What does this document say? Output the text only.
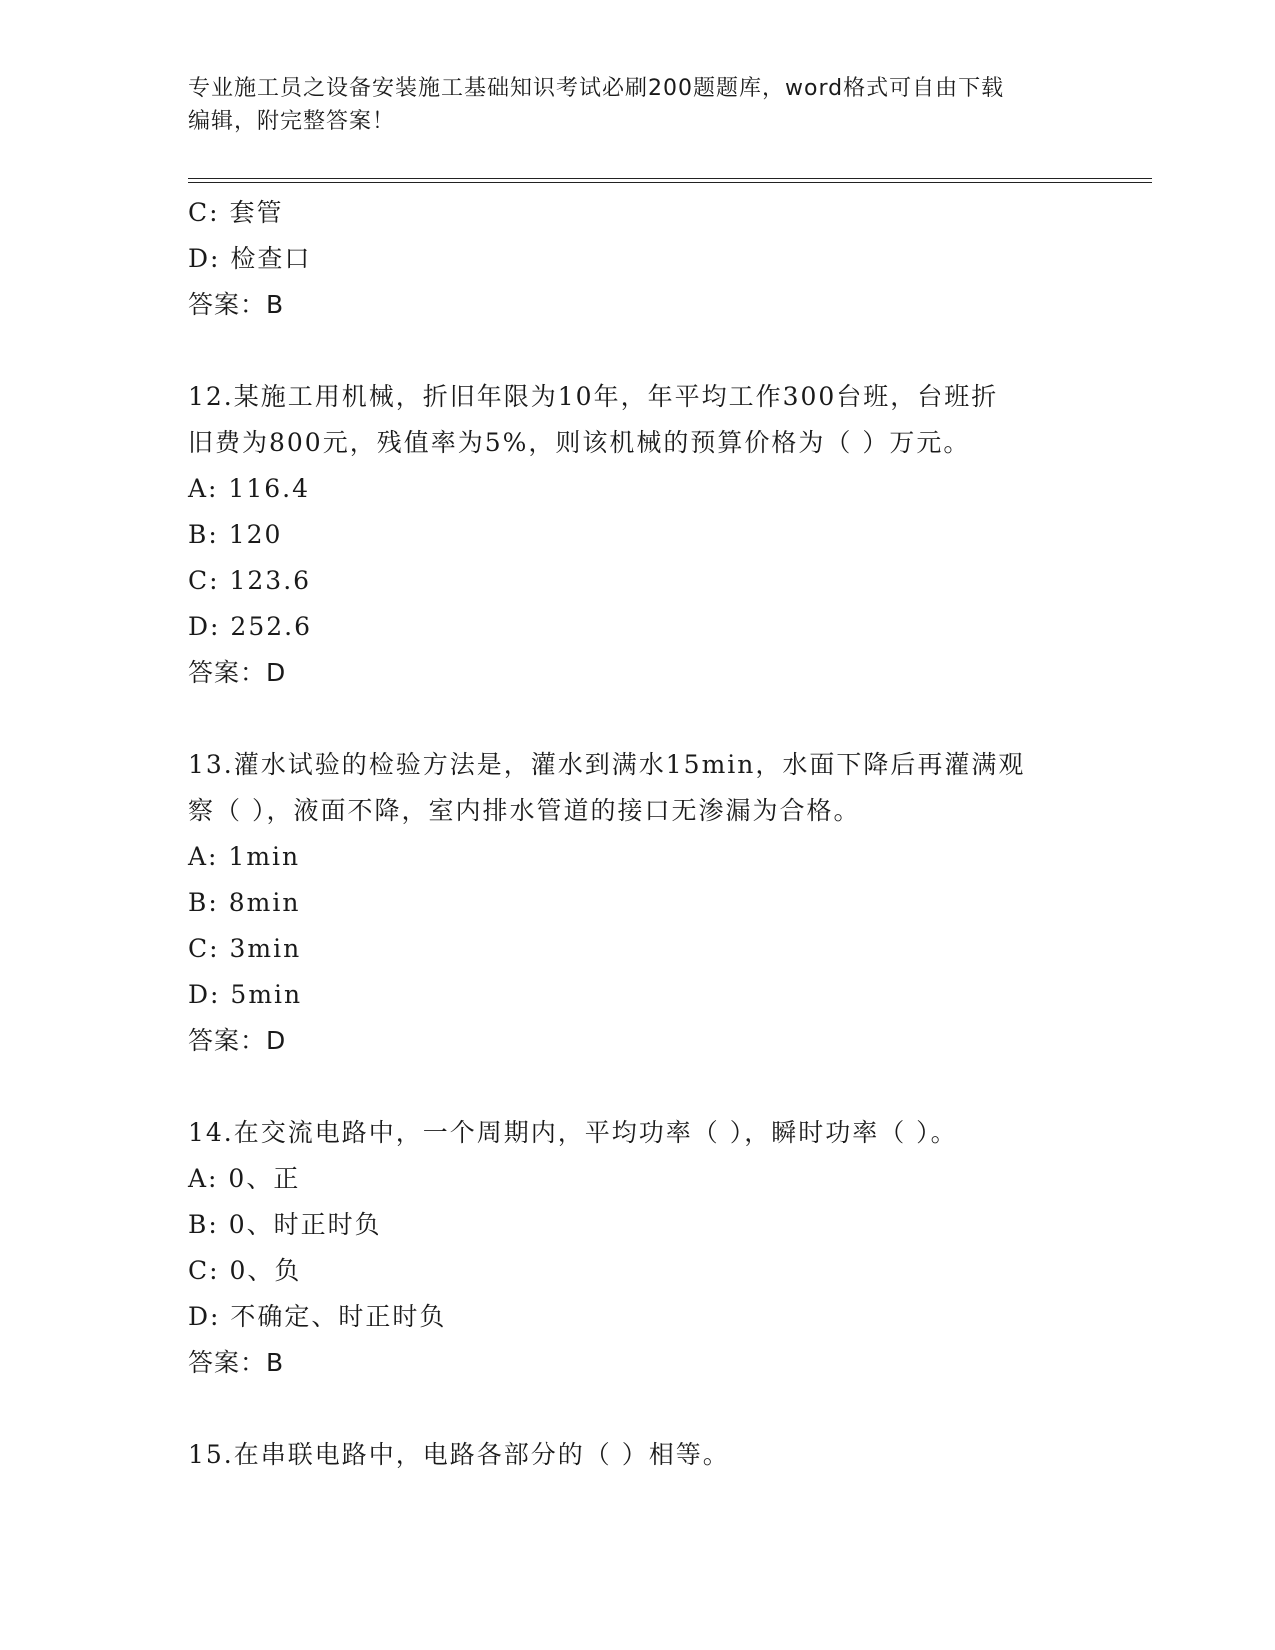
专业施工员之设备安装施工基础知识考试必刷200题题库，word格式可自由下载
编辑，附完整答案！
C: 套管
D: 检查口
答案：B
12.某施工用机械，折旧年限为10年，年平均工作300台班，台班折
旧费为800元，残值率为5%，则该机械的预算价格为（ ）万元。
A: 116.4
B: 120
C: 123.6
D: 252.6
答案：D
13.灌水试验的检验方法是，灌水到满水15min，水面下降后再灌满观
察（ ），液面不降，室内排水管道的接口无渗漏为合格。
A: 1min
B: 8min
C: 3min
D: 5min
答案：D
14.在交流电路中，一个周期内，平均功率（ ），瞬时功率（ ）。
A: 0、正
B: 0、时正时负
C: 0、负
D: 不确定、时正时负
答案：B
15.在串联电路中，电路各部分的（ ）相等。
